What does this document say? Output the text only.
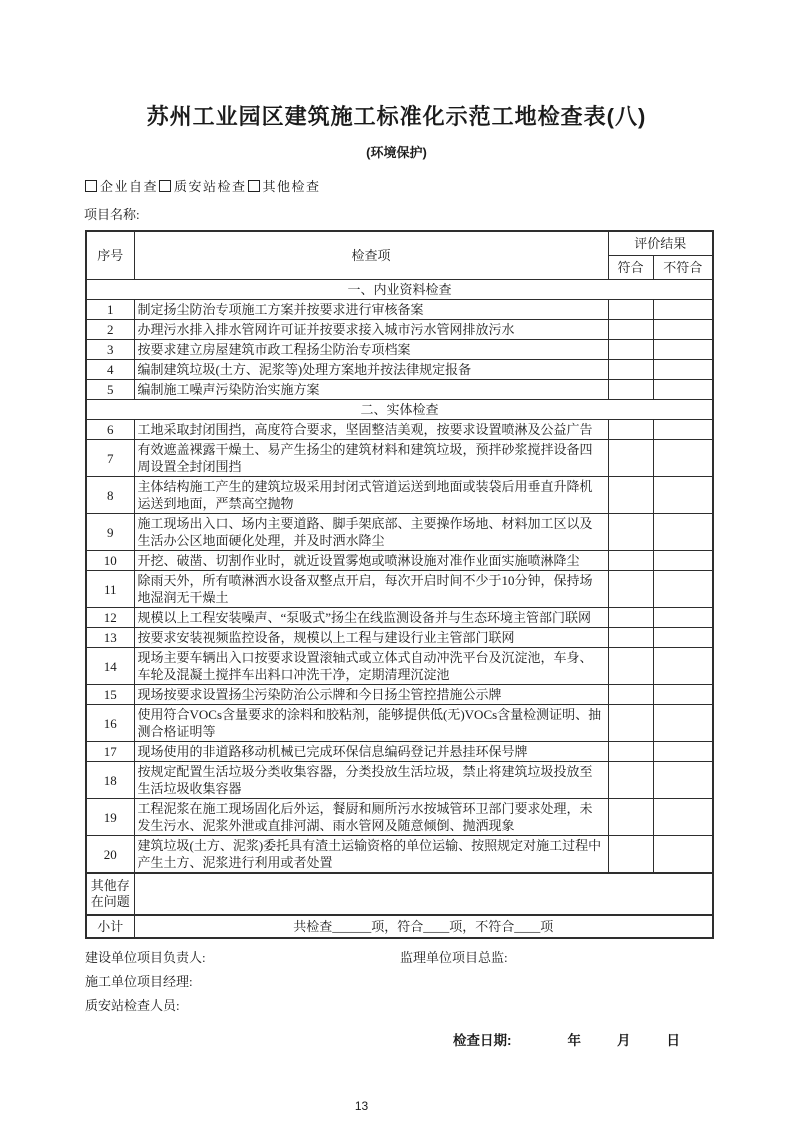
苏州工业园区建筑施工标准化示范工地检查表(八)
(环境保护)
企业自查 质安站检查 其他检查
项目名称:
序号	检查项	评价结果	
		符合	不符合
一、内业资料检查			
1	制定扬尘防治专项施工方案并按要求进行审核备案		
2	办理污水排入排水管网许可证并按要求接入城市污水管网排放污水		
3	按要求建立房屋建筑市政工程扬尘防治专项档案		
4	编制建筑垃圾(土方、泥浆等)处理方案地并按法律规定报备		
5	编制施工噪声污染防治实施方案		
二、实体检查			
6	工地采取封闭围挡，高度符合要求，坚固整洁美观，按要求设置喷淋及公益广告		
7	有效遮盖裸露干燥土、易产生扬尘的建筑材料和建筑垃圾，预拌砂浆搅拌设备四周设置全封闭围挡		
8	主体结构施工产生的建筑垃圾采用封闭式管道运送到地面或装袋后用垂直升降机运送到地面，严禁高空抛物		
9	施工现场出入口、场内主要道路、脚手架底部、主要操作场地、材料加工区以及生活办公区地面硬化处理，并及时洒水降尘		
10	开挖、破凿、切割作业时，就近设置雾炮或喷淋设施对准作业面实施喷淋降尘		
11	除雨天外，所有喷淋洒水设备双整点开启，每次开启时间不少于10分钟，保持场地湿润无干燥土		
12	规模以上工程安装噪声、“泵吸式”扬尘在线监测设备并与生态环境主管部门联网		
13	按要求安装视频监控设备，规模以上工程与建设行业主管部门联网		
14	现场主要车辆出入口按要求设置滚轴式或立体式自动冲洗平台及沉淀池，车身、车轮及混凝土搅拌车出料口冲洗干净，定期清理沉淀池		
15	现场按要求设置扬尘污染防治公示牌和今日扬尘管控措施公示牌		
16	使用符合VOCs含量要求的涂料和胶粘剂，能够提供低(无)VOCs含量检测证明、抽测合格证明等		
17	现场使用的非道路移动机械已完成环保信息编码登记并悬挂环保号牌		
18	按规定配置生活垃圾分类收集容器，分类投放生活垃圾，禁止将建筑垃圾投放至生活垃圾收集容器		
19	工程泥浆在施工现场固化后外运，餐厨和厕所污水按城管环卫部门要求处理，未发生污水、泥浆外泄或直排河湖、雨水管网及随意倾倒、抛洒现象		
20	建筑垃圾(土方、泥浆)委托具有渣土运输资格的单位运输、按照规定对施工过程中产生土方、泥浆进行利用或者处置		
其他存在问题			
小计	共检查______项，符合____项，不符合____项		
建设单位项目负责人:	监理单位项目总监:
施工单位项目经理:
质安站检查人员:
检查日期:	年	月	日
13
